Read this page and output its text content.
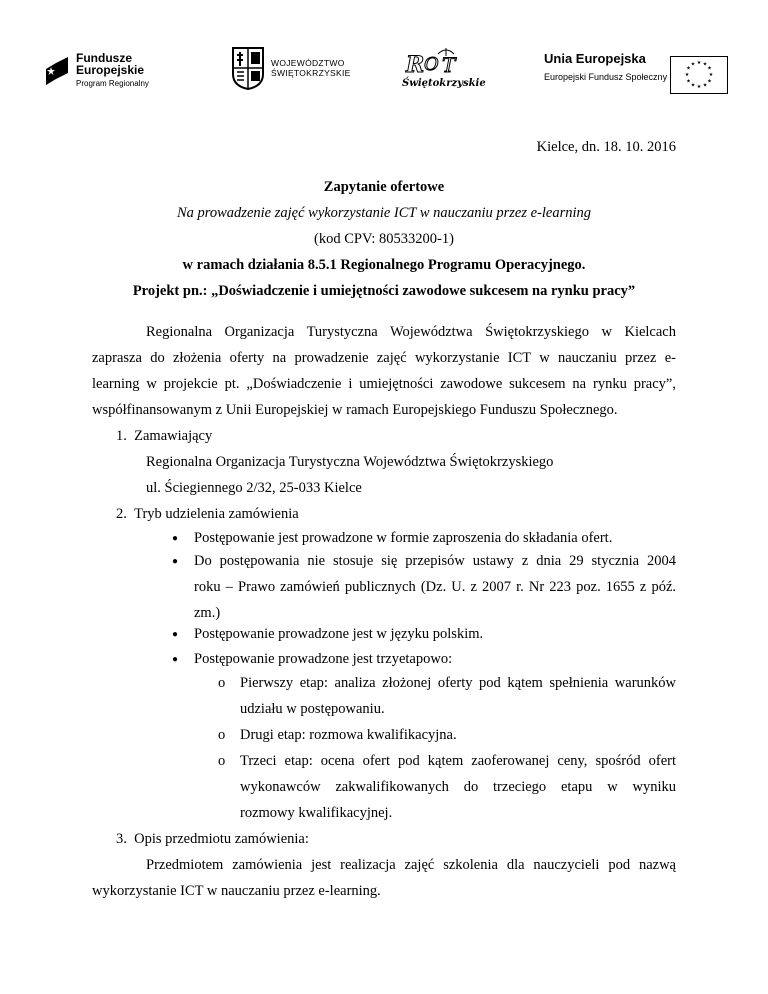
Fundusze
Europejskie
Program Regionalny
WOJEWÓDZTWO
ŚWIĘTOKRZYSKIE	R O T
Świętokrzyskie
Unia Europejska
Europejski Fundusz Społeczny
★ ★
★
★
★
★
★
★
★
★
★
★
Kielce, dn. 18. 10. 2016
Zapytanie ofertowe
Na prowadzenie zajęć wykorzystanie ICT w nauczaniu przez e-learning
(kod CPV: 80533200-1)
w ramach działania 8.5.1 Regionalnego Programu Operacyjnego.
Projekt pn.: „Doświadczenie i umiejętności zawodowe sukcesem na rynku pracy”
Regionalna Organizacja Turystyczna Województwa Świętokrzyskiego w Kielcach
zaprasza do złożenia oferty na prowadzenie zajęć wykorzystanie ICT w nauczaniu przez e-
learning w projekcie pt. „Doświadczenie i umiejętności zawodowe sukcesem na rynku pracy”,
współfinansowanym z Unii Europejskiej w ramach Europejskiego Funduszu Społecznego.
1.  Zamawiający
Regionalna Organizacja Turystyczna Województwa Świętokrzyskiego
ul. Ściegiennego 2/32, 25-033 Kielce
2.  Tryb udzielenia zamówienia
● Postępowanie jest prowadzone w formie zaproszenia do składania ofert.
● Do postępowania nie stosuje się przepisów ustawy z dnia 29 stycznia 2004
roku – Prawo zamówień publicznych (Dz. U. z 2007 r. Nr 223 poz. 1655 z póź.
zm.)
● Postępowanie prowadzone jest w języku polskim.
● Postępowanie prowadzone jest trzyetapowo:
o Pierwszy etap: analiza złożonej oferty pod kątem spełnienia warunków
udziału w postępowaniu.
o Drugi etap: rozmowa kwalifikacyjna.
o Trzeci etap: ocena ofert pod kątem zaoferowanej ceny, spośród ofert
wykonawców zakwalifikowanych do trzeciego etapu w wyniku
rozmowy kwalifikacyjnej.
3.  Opis przedmiotu zamówienia:
Przedmiotem zamówienia jest realizacja zajęć szkolenia dla nauczycieli pod nazwą
wykorzystanie ICT w nauczaniu przez e-learning.
